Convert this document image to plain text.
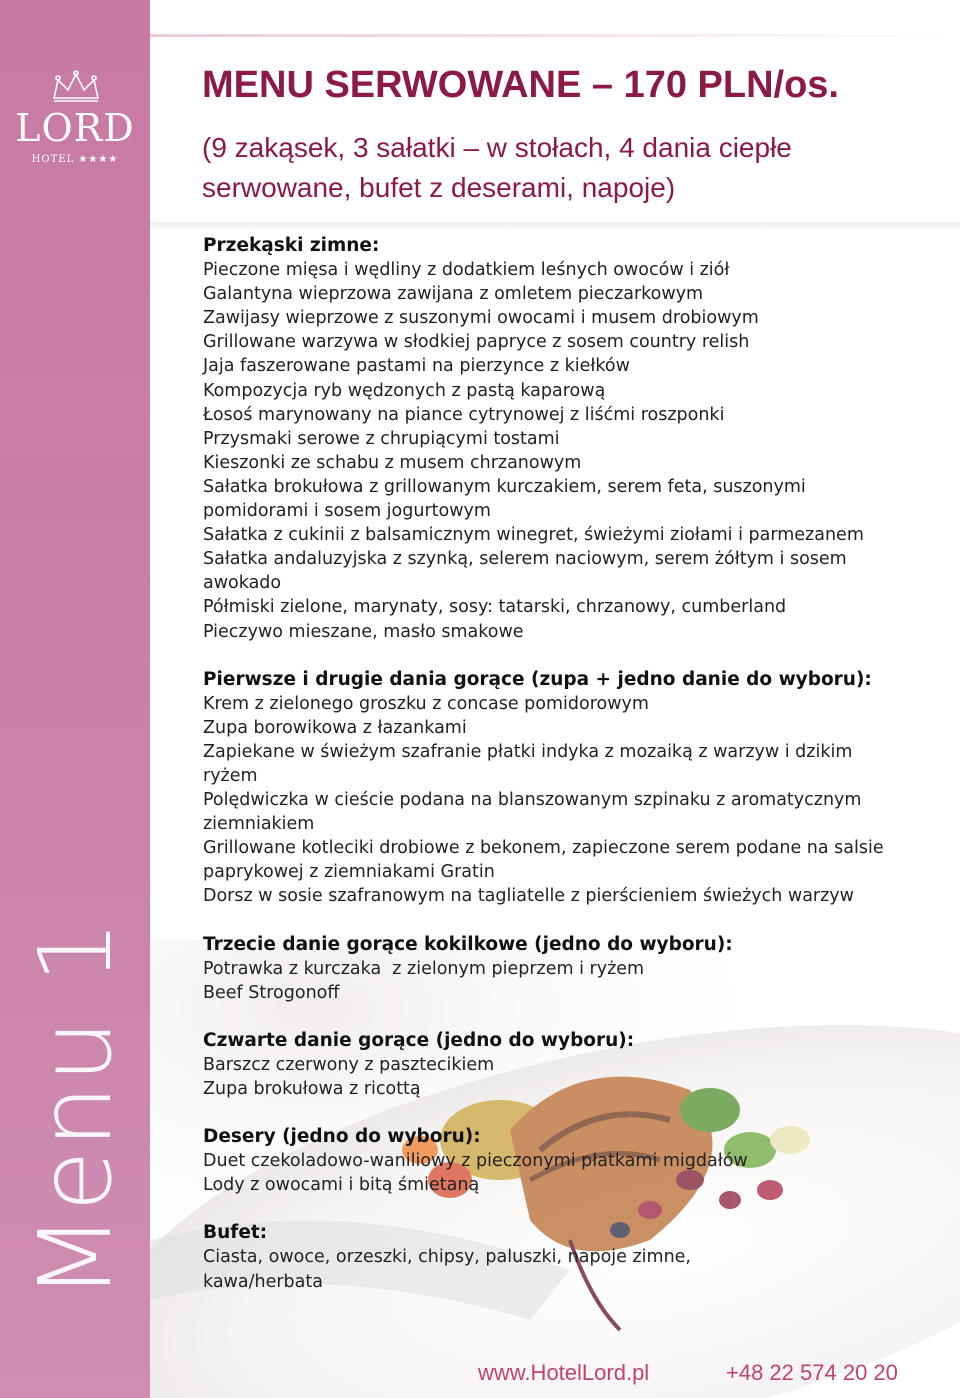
LORD
HOTEL ★★★★
Menu 1
MENU SERWOWANE – 170 PLN/os.

(9 zakąsek, 3 sałatki – w stołach, 4 dania ciepłe serwowane, bufet z deserami, napoje)

Przekąski zimne:

Pieczone mięsa i wędliny z dodatkiem leśnych owoców i ziół

Galantyna wieprzowa zawijana z omletem pieczarkowym

Zawijasy wieprzowe z suszonymi owocami i musem drobiowym

Grillowane warzywa w słodkiej papryce z sosem country relish

Jaja faszerowane pastami na pierzynce z kiełków

Kompozycja ryb wędzonych z pastą kaparową

Łosoś marynowany na piance cytrynowej z liśćmi roszponki

Przysmaki serowe z chrupiącymi tostami

Kieszonki ze schabu z musem chrzanowym

Sałatka brokułowa z grillowanym kurczakiem, serem feta, suszonymi pomidorami i sosem jogurtowym

Sałatka z cukinii z balsamicznym winegret, świeżymi ziołami i parmezanem

Sałatka andaluzyjska z szynką, selerem naciowym, serem żółtym i sosem awokado

Półmiski zielone, marynaty, sosy: tatarski, chrzanowy, cumberland

Pieczywo mieszane, masło smakowe

Pierwsze i drugie dania gorące (zupa + jedno danie do wyboru):

Krem z zielonego groszku z concase pomidorowym

Zupa borowikowa z łazankami

Zapiekane w świeżym szafranie płatki indyka z mozaiką z warzyw i dzikim ryżem

Polędwiczka w cieście podana na blanszowanym szpinaku z aromatycznym ziemniakiem

Grillowane kotleciki drobiowe z bekonem, zapieczone serem podane na salsie paprykowej z ziemniakami Gratin

Dorsz w sosie szafranowym na tagliatelle z pierścieniem świeżych warzyw

Trzecie danie gorące kokilkowe (jedno do wyboru):

Potrawka z kurczaka  z zielonym pieprzem i ryżem

Beef Strogonoff

Czwarte danie gorące (jedno do wyboru):

Barszcz czerwony z pasztecikiem

Zupa brokułowa z ricottą

Desery (jedno do wyboru):

Duet czekoladowo-waniliowy z pieczonymi płatkami migdałów

Lody z owocami i bitą śmietaną

Bufet:

Ciasta, owoce, orzeszki, chipsy, paluszki, napoje zimne, kawa/herbata

www.HotelLord.pl	+48 22 574 20 20
